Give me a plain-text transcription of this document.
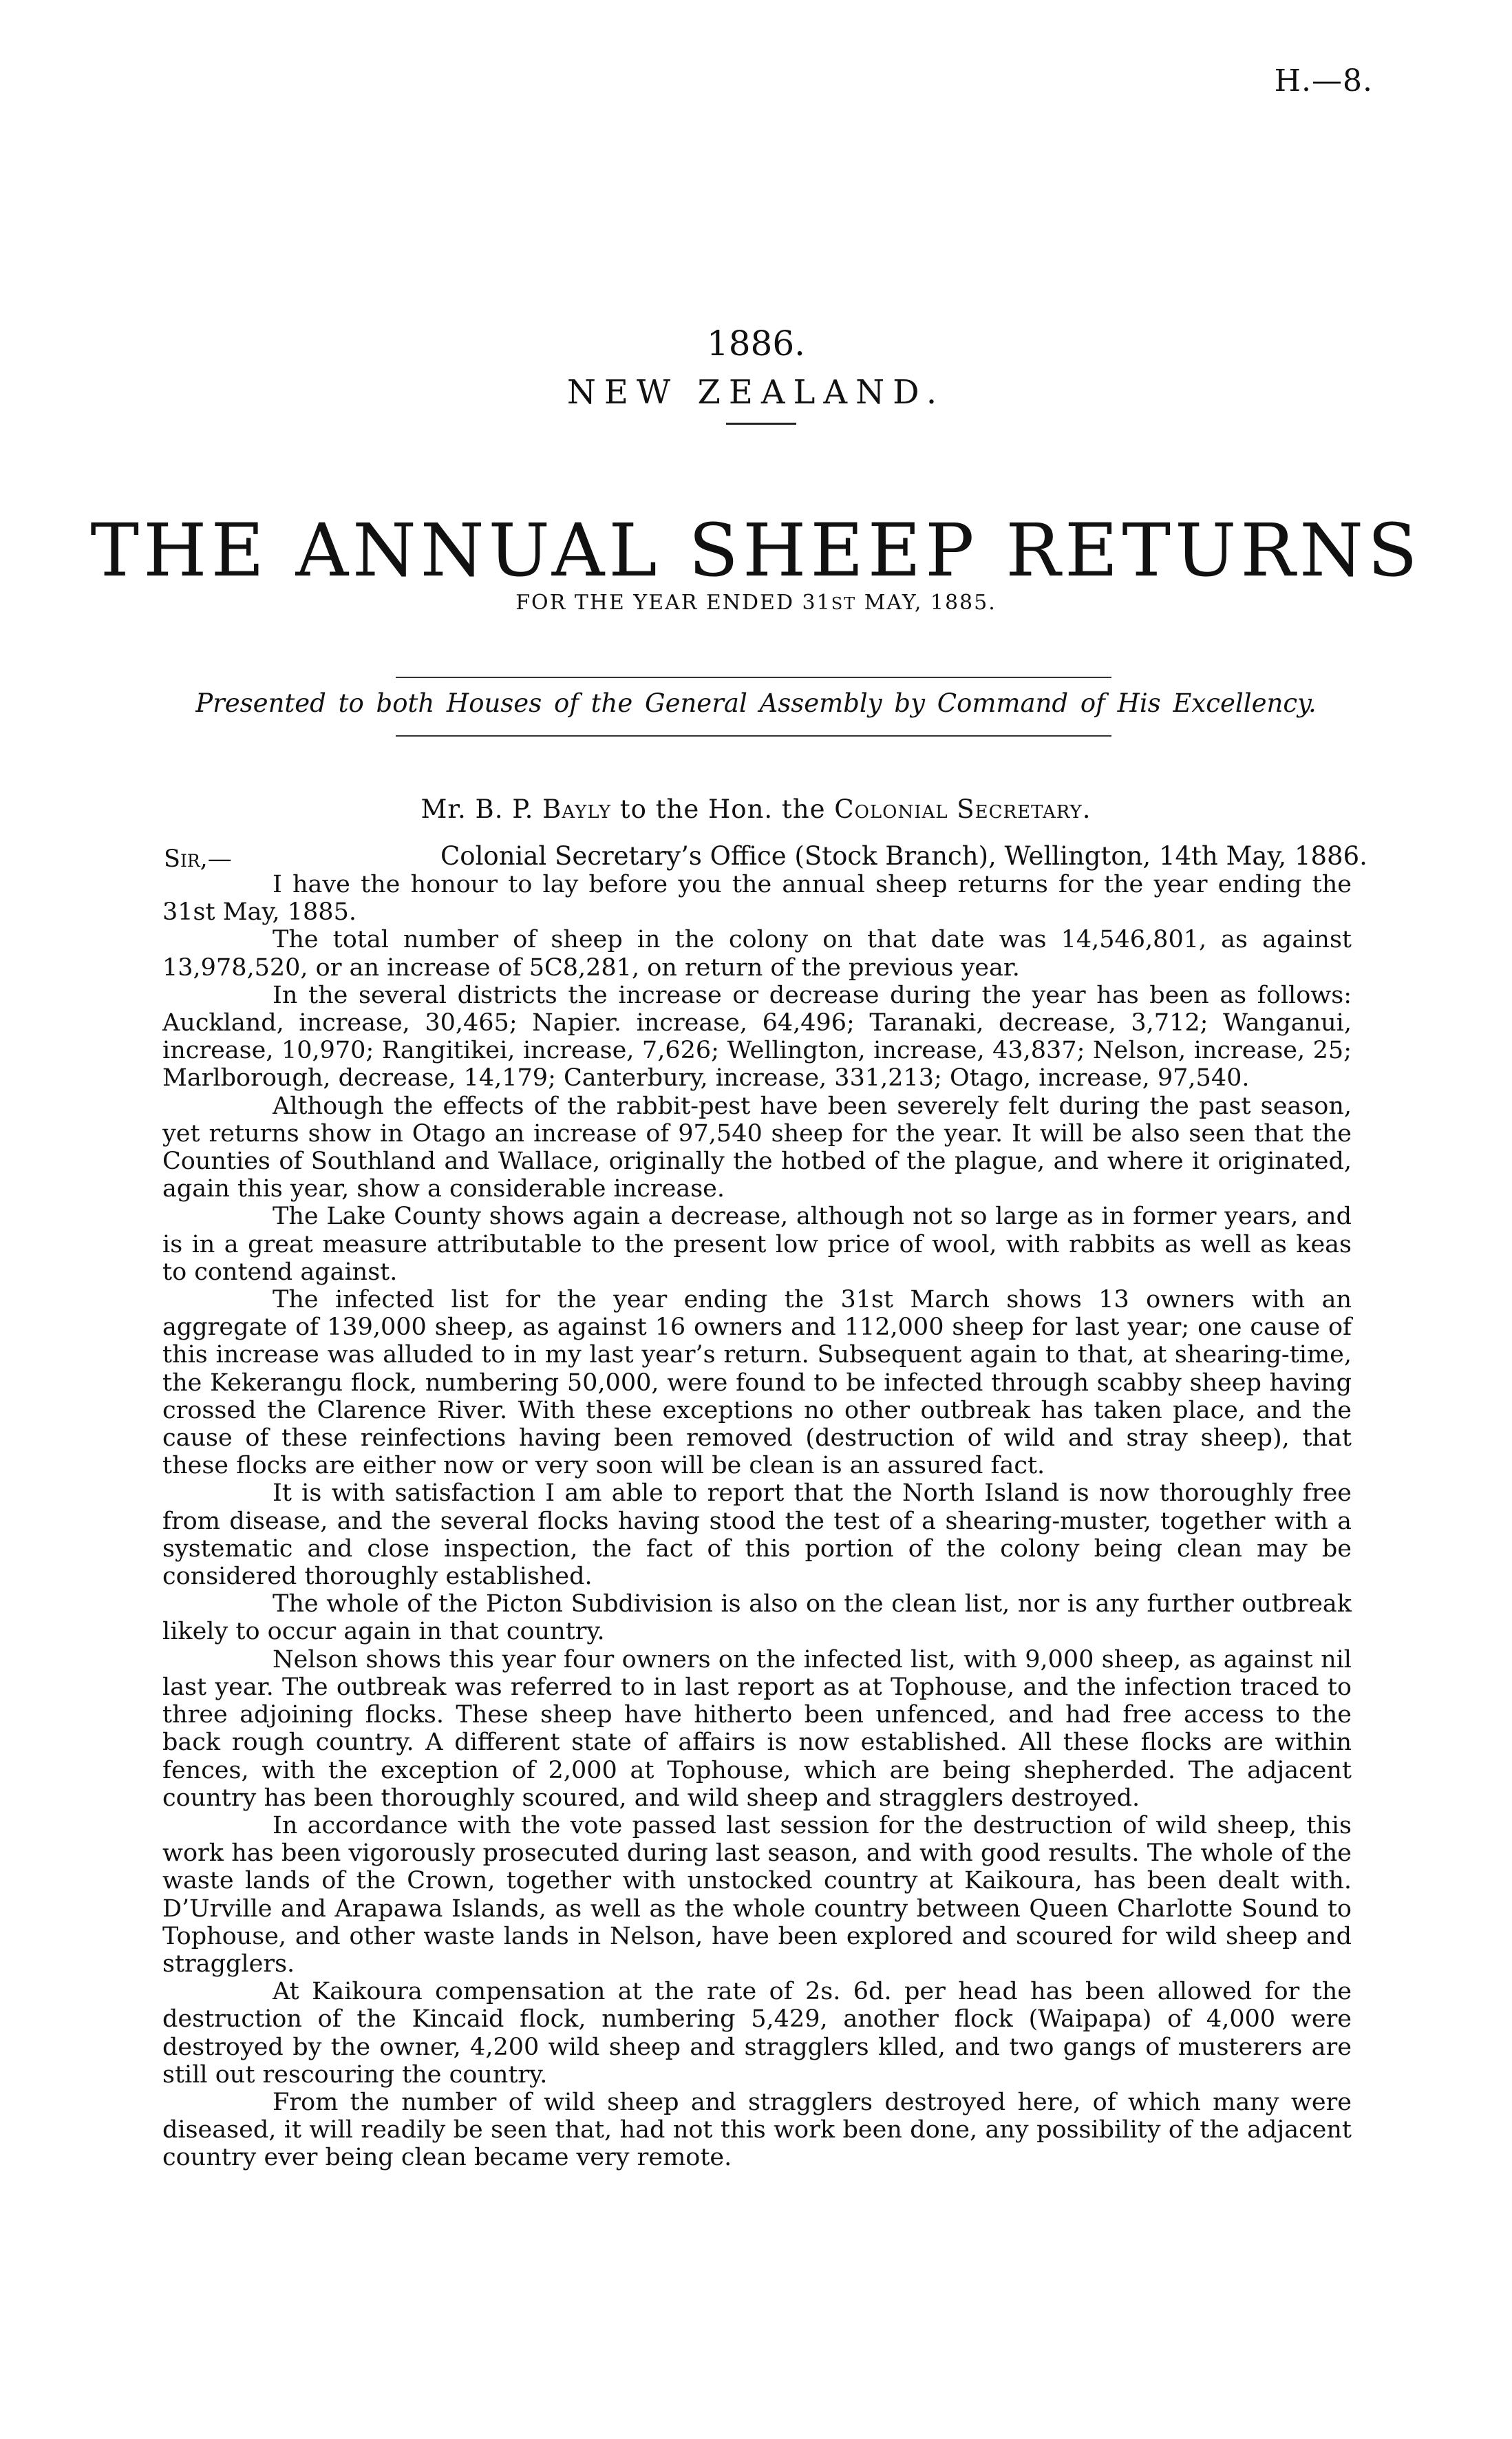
H.—8.
1886.
NEW ZEALAND.
THE ANNUAL SHEEP RETURNS
FOR THE YEAR ENDED 31ST MAY, 1885.
Presented to both Houses of the General Assembly by Command of His Excellency.
Mr. B. P. Bayly to the Hon. the Colonial Secretary.
Sir,—	Colonial Secretary’s Office (Stock Branch), Wellington, 14th May, 1886.

I have the honour to lay before you the annual sheep returns for the year ending the 31st May, 1885.

The total number of sheep in the colony on that date was 14,546,801, as against 13,978,520, or an increase of 5C8,281, on return of the previous year.

In the several districts the increase or decrease during the year has been as follows: Auckland, increase, 30,465; Napier. increase, 64,496; Taranaki, decrease, 3,712; Wanganui, increase, 10,970; Rangitikei, increase, 7,626; Wellington, increase, 43,837; Nelson, increase, 25; Marlborough, decrease, 14,179; Canterbury, increase, 331,213; Otago, increase, 97,540.

Although the effects of the rabbit-pest have been severely felt during the past season, yet returns show in Otago an increase of 97,540 sheep for the year. It will be also seen that the Counties of Southland and Wallace, originally the hotbed of the plague, and where it originated, again this year, show a considerable increase.

The Lake County shows again a decrease, although not so large as in former years, and is in a great measure attributable to the present low price of wool, with rabbits as well as keas to contend against.

The infected list for the year ending the 31st March shows 13 owners with an aggregate of 139,000 sheep, as against 16 owners and 112,000 sheep for last year; one cause of this increase was alluded to in my last year’s return. Subsequent again to that, at shearing-time, the Kekerangu flock, numbering 50,000, were found to be infected through scabby sheep having crossed the Clarence River. With these exceptions no other outbreak has taken place, and the cause of these reinfections having been removed (destruction of wild and stray sheep), that these flocks are either now or very soon will be clean is an assured fact.

It is with satisfaction I am able to report that the North Island is now thoroughly free from disease, and the several flocks having stood the test of a shearing-muster, together with a systematic and close inspection, the fact of this portion of the colony being clean may be considered thoroughly established.

The whole of the Picton Subdivision is also on the clean list, nor is any further outbreak likely to occur again in that country.

Nelson shows this year four owners on the infected list, with 9,000 sheep, as against nil last year. The outbreak was referred to in last report as at Tophouse, and the infection traced to three adjoining flocks. These sheep have hitherto been unfenced, and had free access to the back rough country. A different state of affairs is now established. All these flocks are within fences, with the exception of 2,000 at Tophouse, which are being shepherded. The adjacent country has been thoroughly scoured, and wild sheep and stragglers destroyed.

In accordance with the vote passed last session for the destruction of wild sheep, this work has been vigorously prosecuted during last season, and with good results. The whole of the waste lands of the Crown, together with unstocked country at Kaikoura, has been dealt with. D’Urville and Arapawa Islands, as well as the whole country between Queen Charlotte Sound to Tophouse, and other waste lands in Nelson, have been explored and scoured for wild sheep and stragglers.

At Kaikoura compensation at the rate of 2s. 6d. per head has been allowed for the destruction of the Kincaid flock, numbering 5,429, another flock (Waipapa) of 4,000 were destroyed by the owner, 4,200 wild sheep and stragglers klled, and two gangs of musterers are still out rescouring the country.

From the number of wild sheep and stragglers destroyed here, of which many were diseased, it will readily be seen that, had not this work been done, any possibility of the adjacent country ever being clean became very remote.
